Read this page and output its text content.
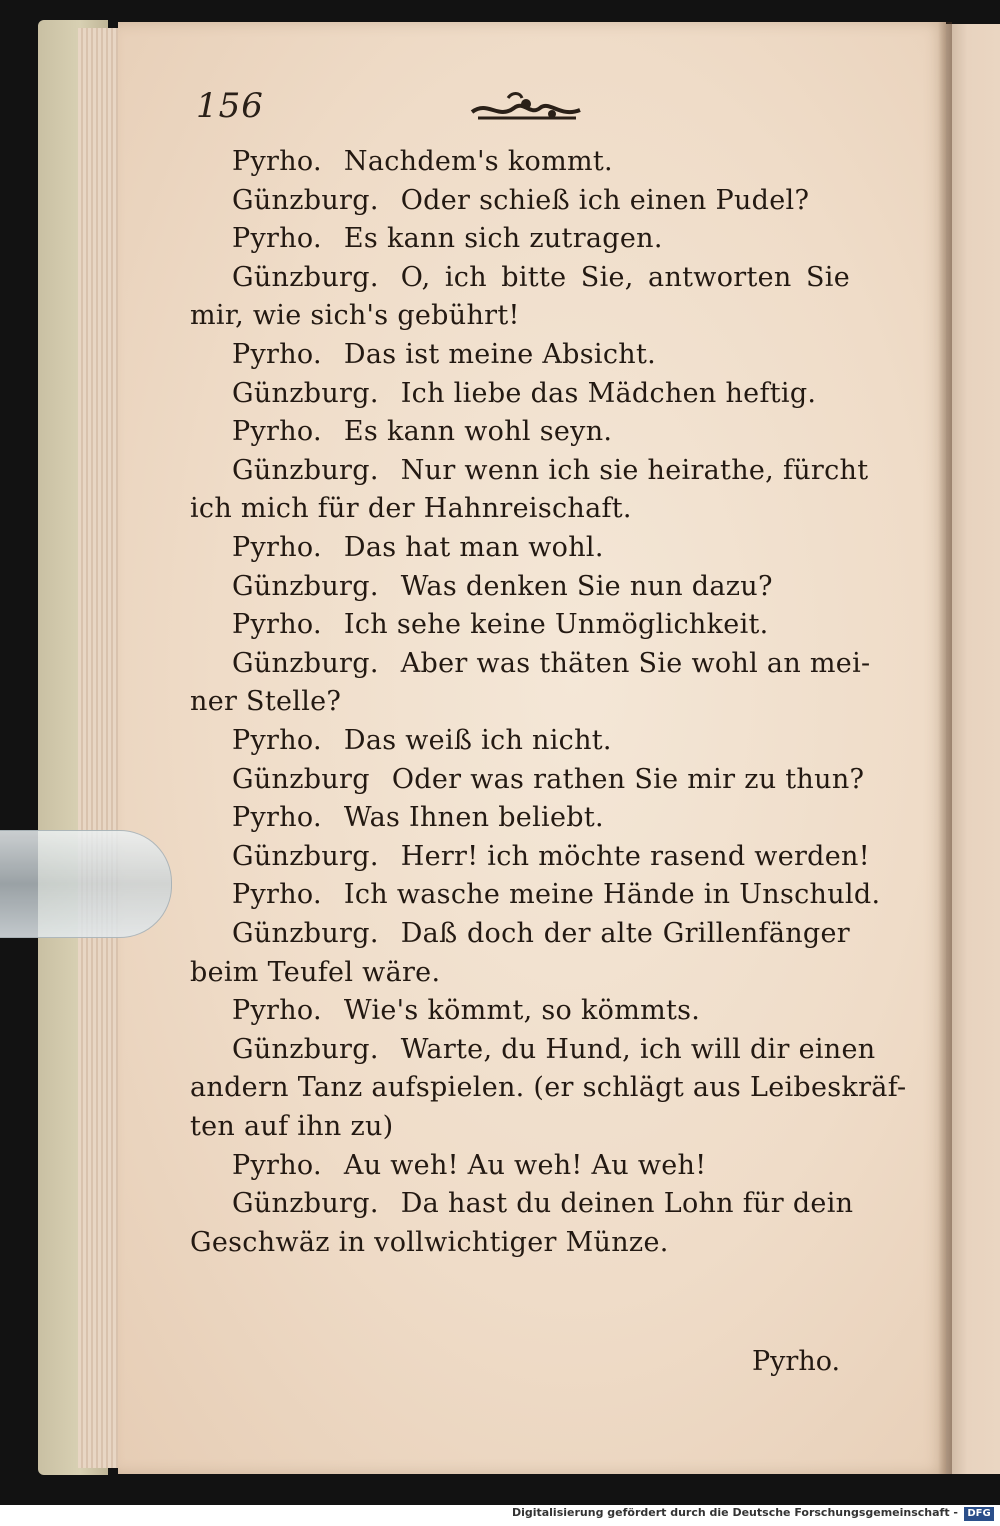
156
Pyrho. Nachdem's kommt.
Günzburg. Oder schieß ich einen Pudel?
Pyrho. Es kann sich zutragen.
Günzburg. O, ich bitte Sie, antworten Sie
mir, wie sich's gebührt!
Pyrho. Das ist meine Absicht.
Günzburg. Ich liebe das Mädchen heftig.
Pyrho. Es kann wohl seyn.
Günzburg. Nur wenn ich sie heirathe, fürcht
ich mich für der Hahnreischaft.
Pyrho. Das hat man wohl.
Günzburg. Was denken Sie nun dazu?
Pyrho. Ich sehe keine Unmöglichkeit.
Günzburg. Aber was thäten Sie wohl an mei-
ner Stelle?
Pyrho. Das weiß ich nicht.
Günzburg Oder was rathen Sie mir zu thun?
Pyrho. Was Ihnen beliebt.
Günzburg. Herr! ich möchte rasend werden!
Pyrho. Ich wasche meine Hände in Unschuld.
Günzburg. Daß doch der alte Grillenfänger
beim Teufel wäre.
Pyrho. Wie's kömmt, so kömmts.
Günzburg. Warte, du Hund, ich will dir einen
andern Tanz aufspielen. (er schlägt aus Leibeskräf-
ten auf ihn zu)
Pyrho. Au weh! Au weh! Au weh!
Günzburg. Da hast du deinen Lohn für dein
Geschwäz in vollwichtiger Münze.
Pyrho.
Digitalisierung gefördert durch die Deutsche Forschungsgemeinschaft - DFG
